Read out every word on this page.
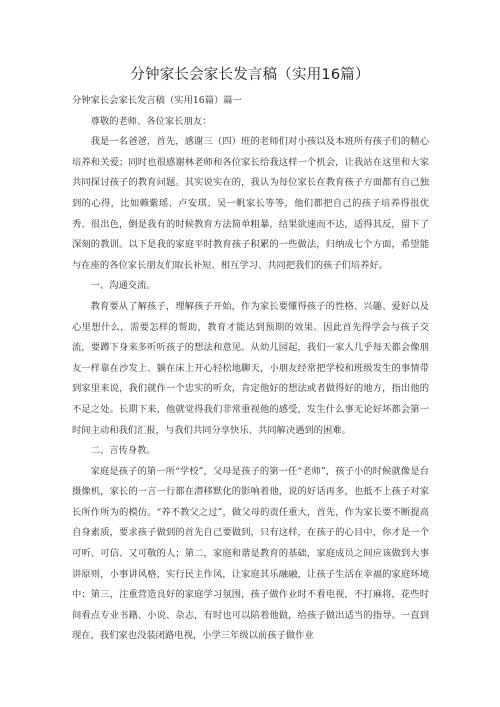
分钟家长会家长发言稿（实用16篇）

分钟家长会家长发言稿（实用16篇）篇一

尊敬的老师、各位家长朋友：

我是一名爸爸，首先，感谢三（四）班的老师们对小孩以及本班所有孩子们的精心培养和关爱；同时也很感谢林老师和各位家长给我这样一个机会，让我站在这里和大家共同探讨孩子的教育问题。其实说实在的，我认为每位家长在教育孩子方面都有自己独到的心得，比如赖紫瑶、卢安琪、吴一帆家长等等，他们都把自己的孩子培养得很优秀、很出色，倒是我有的时候教育方法简单粗暴，结果欲速而不达，适得其反，留下了深刻的教训。以下是我的家庭平时教育孩子积累的一些做法，归纳成七个方面，希望能与在座的各位家长朋友们取长补短、相互学习、共同把我们的孩子们培养好。

一、沟通交流。

教育要从了解孩子，理解孩子开始，作为家长要懂得孩子的性格、兴趣、爱好以及心里想什么，需要怎样的帮助，教育才能达到预期的效果。因此首先得学会与孩子交流，要蹲下身来多听听孩子的想法和意见。从幼儿园起，我们一家人几乎每天都会像朋友一样靠在沙发上、躺在床上开心轻松地聊天，小朋友经常把学校和班级发生的事情带到家里来说，我们就作一个忠实的听众，肯定他好的想法或者做得好的地方，指出他的不足之处。长期下来，他就觉得我们非常重视他的感受，发生什么事无论好坏都会第一时间主动和我们汇报，与我们共同分享快乐、共同解决遇到的困难。

二、言传身教。

家庭是孩子的第一所“学校”，父母是孩子的第一任“老师”，孩子小的时候就像是台摄像机，家长的一言一行都在潜移默化的影响着他，说的好话再多，也抵不上孩子对家长所作所为的模仿。“养不教父之过”，做父母的责任重大，首先，作为家长要不断提高自身素质，要求孩子做到的首先自己要做到，只有这样，在孩子的心目中，你才是一个可听、可信、又可敬的人；第二，家庭和谐是教育的基础，家庭成员之间应该做到大事讲原则，小事讲风格，实行民主作风，让家庭其乐融融，让孩子生活在幸福的家庭环境中；第三，注重营造良好的家庭学习氛围，孩子做作业时不看电视，不打麻将，花些时间看点专业书籍、小说、杂志，有时也可以陪着他做，给孩子做出适当的指导。一直到现在，我们家也没装闭路电视，小学三年级以前孩子做作业
